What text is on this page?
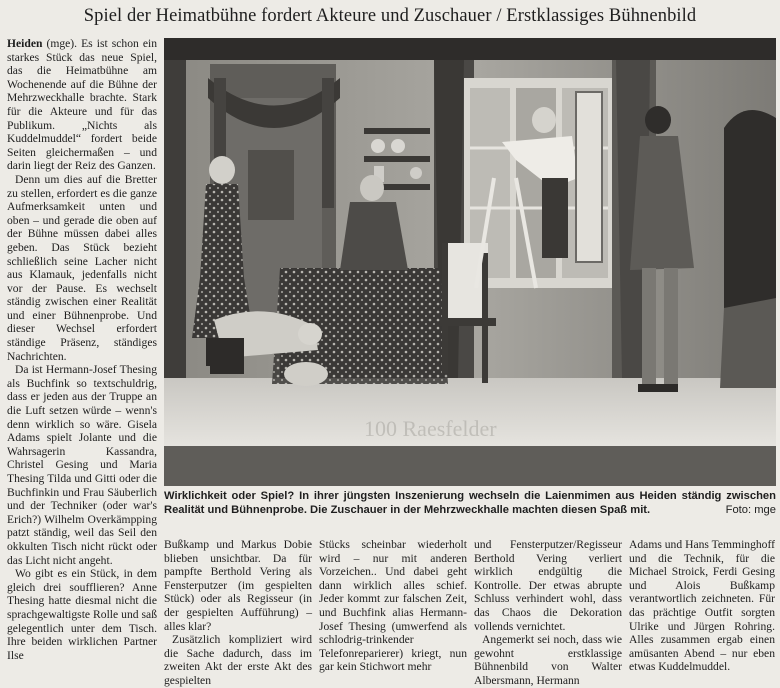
Spiel der Heimatbühne fordert Akteure und Zuschauer / Erstklassiges Bühnenbild

Heiden (mge). Es ist schon ein starkes Stück das neue Spiel, das die Heimatbühne am Wochenende auf die Bühne der Mehrzweckhalle brachte. Stark für die Akteure und für das Publikum. „Nichts als Kuddelmuddel“ fordert beide Seiten gleichermaßen – und darin liegt der Reiz des Ganzen.

Denn um dies auf die Bretter zu stellen, erfordert es die ganze Aufmerksamkeit unten und oben – und gerade die oben auf der Bühne müssen dabei alles geben. Das Stück bezieht schließlich seine Lacher nicht aus Klamauk, jedenfalls nicht vor der Pause. Es wechselt ständig zwischen einer Realität und einer Bühnenprobe. Und dieser Wechsel erfordert ständige Präsenz, ständiges Nachrichten.

Da ist Hermann-Josef Thesing als Buchfink so textschuldrig, dass er jeden aus der Truppe an die Luft setzen würde – wenn's denn wirklich so wäre. Gisela Adams spielt Jolante und die Wahrsagerin Kassandra, Christel Gesing und Maria Thesing Tilda und Gitti oder die Buchfinkin und Frau Säuberlich und der Techniker (oder war's Erich?) Wilhelm Overkämpping patzt ständig, weil das Seil den okkulten Tisch nicht rückt oder das Licht nicht angeht.

Wo gibt es ein Stück, in dem gleich drei soufflieren? Anne Thesing hatte diesmal nicht die sprachgewaltigste Rolle und saß gelegentlich unter dem Tisch. Ihre beiden wirklichen Partner Ilse

100 Raesfelder
Wirklichkeit oder Spiel? In ihrer jüngsten Inszenierung wechseln die Laienmimen aus Heiden ständig zwischen Realität und Bühnenprobe. Die Zuschauer in der Mehrzweckhalle machten diesen Spaß mit.	Foto: mge

Bußkamp und Markus Dobie blieben unsichtbar. Da für pampfte Berthold Vering als Fensterputzer (im gespielten Stück) oder als Regisseur (in der gespielten Aufführung) – alles klar?

Zusätzlich kompliziert wird die Sache dadurch, dass im zweiten Akt der erste Akt des gespielten

Stücks scheinbar wiederholt wird – nur mit anderen Vorzeichen.. Und dabei geht dann wirklich alles schief. Jeder kommt zur falschen Zeit, und Buchfink alias Hermann-Josef Thesing (umwerfend als schlodrig-trinkender Telefonreparierer) kriegt, nun gar kein Stichwort mehr

und Fensterputzer/Regisseur Berthold Vering verliert wirklich endgültig die Kontrolle. Der etwas abrupte Schluss verhindert wohl, dass das Chaos die Dekoration vollends vernichtet.

Angemerkt sei noch, dass wie gewohnt erstklassige Bühnenbild von Walter Albersmann, Hermann

Adams und Hans Temminghoff und die Technik, für die Michael Stroick, Ferdi Gesing und Alois Bußkamp verantwortlich zeichneten. Für das prächtige Outfit sorgten Ulrike und Jürgen Rohring. Alles zusammen ergab einen amüsanten Abend – nur eben etwas Kuddelmuddel.
